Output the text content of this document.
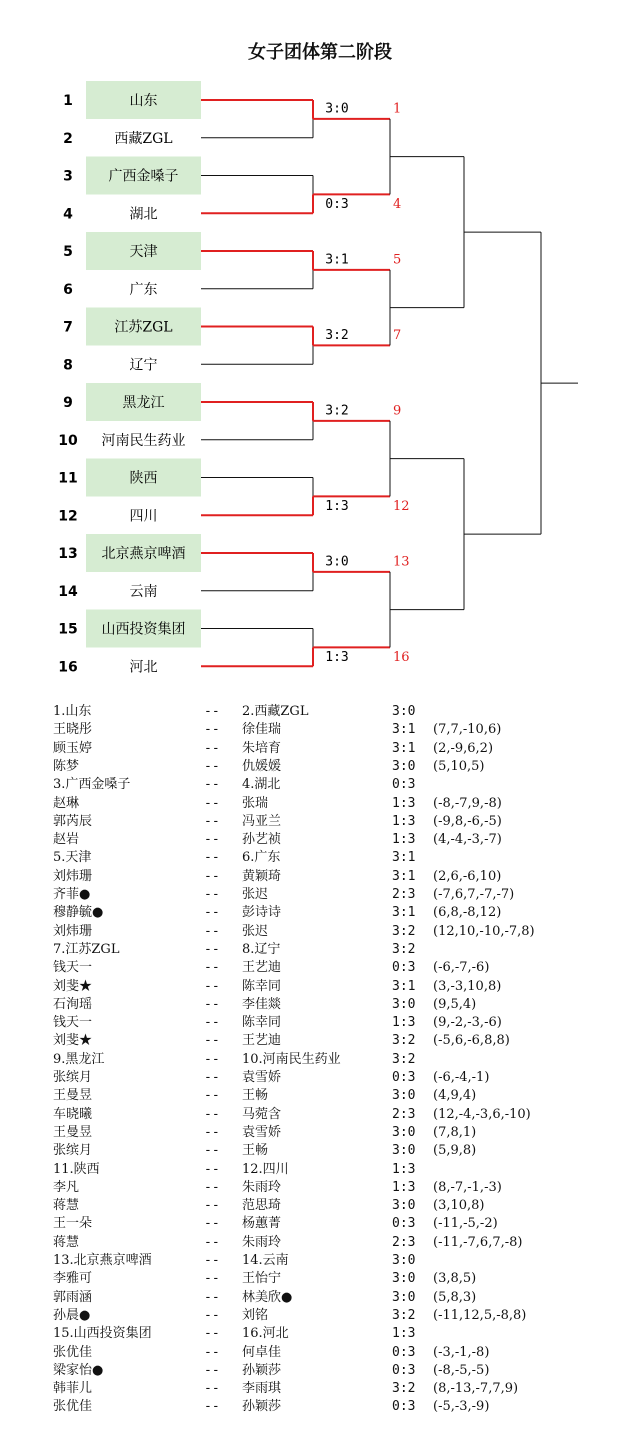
女子团体第二阶段
1	山东
2	西藏ZGL
3	广西金嗓子
4	湖北
5	天津
6	广东
7	江苏ZGL
8	辽宁
9	黑龙江
10 河南民生药业
11	陕西
12	四川
13 北京燕京啤酒
14	云南
15 山西投资集团
16	河北
3:0	1
0:3	4
3:1	5
3:2	7
3:2	9
1:3	12
3:0	13
1:3	16
1.山东	-- 2.西藏ZGL	3:0
王晓彤	-- 徐佳瑞	3:1 (7,7,-10,6)
顾玉婷	-- 朱培育	3:1 (2,-9,6,2)
陈梦	-- 仇媛媛	3:0 (5,10,5)
3.广西金嗓子	-- 4.湖北	0:3
赵琳	-- 张瑞	1:3 (-8,-7,9,-8)
郭芮辰	-- 冯亚兰	1:3 (-9,8,-6,-5)
赵岩	-- 孙艺祯	1:3 (4,-4,-3,-7)
5.天津	-- 6.广东	3:1
刘炜珊	-- 黄颖琦	3:1 (2,6,-6,10)
齐菲●	-- 张迟	2:3 (-7,6,7,-7,-7)
穆静毓●	-- 彭诗诗	3:1 (6,8,-8,12)
刘炜珊	-- 张迟	3:2 (12,10,-10,-7,8)
7.江苏ZGL	-- 8.辽宁	3:2
钱天一	-- 王艺迪	0:3 (-6,-7,-6)
刘斐★	-- 陈幸同	3:1 (3,-3,10,8)
石洵瑶	-- 李佳燚	3:0 (9,5,4)
钱天一	-- 陈幸同	1:3 (9,-2,-3,-6)
刘斐★	-- 王艺迪	3:2 (-5,6,-6,8,8)
9.黑龙江	-- 10.河南民生药业	3:2
张缤月	-- 袁雪娇	0:3 (-6,-4,-1)
王曼昱	-- 王畅	3:0 (4,9,4)
车晓曦	-- 马菀含	2:3 (12,-4,-3,6,-10)
王曼昱	-- 袁雪娇	3:0 (7,8,1)
张缤月	-- 王畅	3:0 (5,9,8)
11.陕西	-- 12.四川	1:3
李凡	-- 朱雨玲	1:3 (8,-7,-1,-3)
蒋慧	-- 范思琦	3:0 (3,10,8)
王一朵	-- 杨蕙菁	0:3 (-11,-5,-2)
蒋慧	-- 朱雨玲	2:3 (-11,-7,6,7,-8)
13.北京燕京啤酒	-- 14.云南	3:0
李雅可	-- 王怡宁	3:0 (3,8,5)
郭雨涵	-- 林美欣●	3:0 (5,8,3)
孙晨●	-- 刘铭	3:2 (-11,12,5,-8,8)
15.山西投资集团	-- 16.河北	1:3
张优佳	-- 何卓佳	0:3 (-3,-1,-8)
梁家怡●	-- 孙颖莎	0:3 (-8,-5,-5)
韩菲儿	-- 李雨琪	3:2 (8,-13,-7,7,9)
张优佳	-- 孙颖莎	0:3 (-5,-3,-9)
